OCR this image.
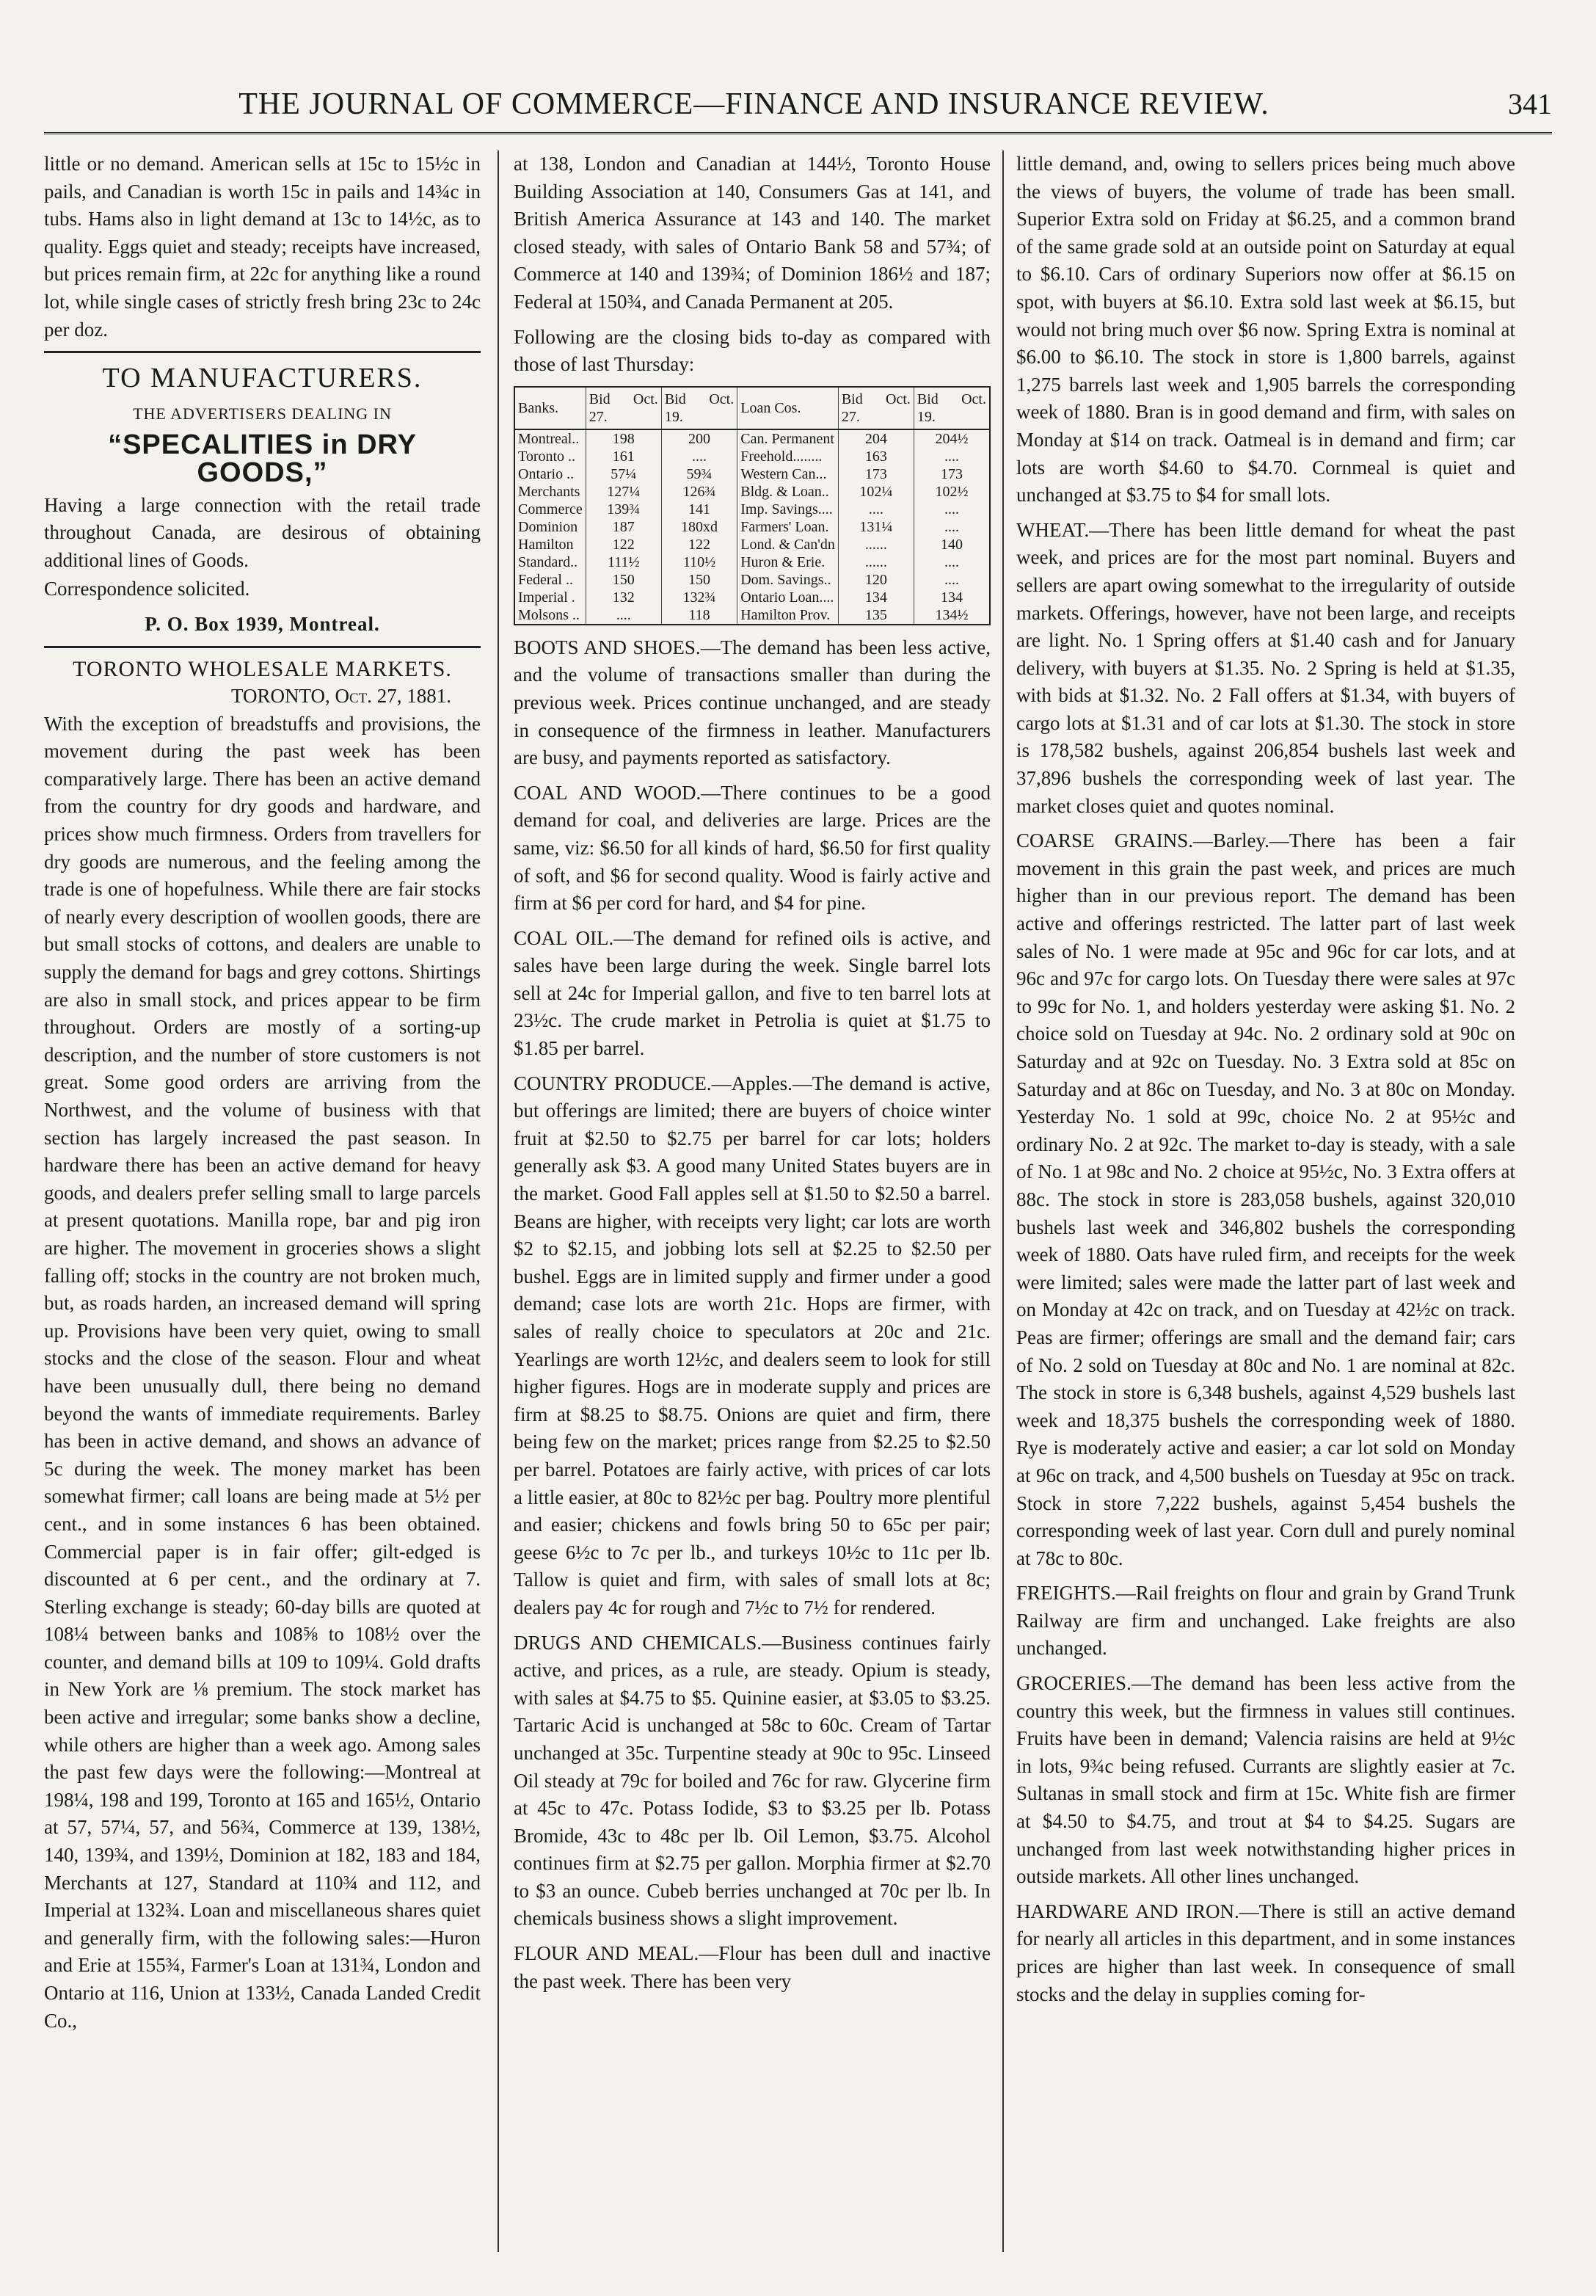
THE JOURNAL OF COMMERCE—FINANCE AND INSURANCE REVIEW.	341

little or no demand. American sells at 15c to 15½c in pails, and Canadian is worth 15c in pails and 14¾c in tubs. Hams also in light demand at 13c to 14½c, as to quality. Eggs quiet and steady; receipts have increased, but prices remain firm, at 22c for anything like a round lot, while single cases of strictly fresh bring 23c to 24c per doz.

TO MANUFACTURERS.
THE ADVERTISERS DEALING IN
“SPECALITIES in DRY GOODS,”

Having a large connection with the retail trade throughout Canada, are desirous of obtaining additional lines of Goods.

Correspondence solicited.

P. O. Box 1939, Montreal.
TORONTO WHOLESALE MARKETS.
TORONTO, Oct. 27, 1881.

With the exception of breadstuffs and provisions, the movement during the past week has been comparatively large. There has been an active demand from the country for dry goods and hardware, and prices show much firmness. Orders from travellers for dry goods are numerous, and the feeling among the trade is one of hopefulness. While there are fair stocks of nearly every description of woollen goods, there are but small stocks of cottons, and dealers are unable to supply the demand for bags and grey cottons. Shirtings are also in small stock, and prices appear to be firm throughout. Orders are mostly of a sorting-up description, and the number of store customers is not great. Some good orders are arriving from the Northwest, and the volume of business with that section has largely increased the past season. In hardware there has been an active demand for heavy goods, and dealers prefer selling small to large parcels at present quotations. Manilla rope, bar and pig iron are higher. The movement in groceries shows a slight falling off; stocks in the country are not broken much, but, as roads harden, an increased demand will spring up. Provisions have been very quiet, owing to small stocks and the close of the season. Flour and wheat have been unusually dull, there being no demand beyond the wants of immediate requirements. Barley has been in active demand, and shows an advance of 5c during the week. The money market has been somewhat firmer; call loans are being made at 5½ per cent., and in some instances 6 has been obtained. Commercial paper is in fair offer; gilt-edged is discounted at 6 per cent., and the ordinary at 7. Sterling exchange is steady; 60-day bills are quoted at 108¼ between banks and 108⅝ to 108½ over the counter, and demand bills at 109 to 109¼. Gold drafts in New York are ⅛ premium. The stock market has been active and irregular; some banks show a decline, while others are higher than a week ago. Among sales the past few days were the following:—Montreal at 198¼, 198 and 199, Toronto at 165 and 165½, Ontario at 57, 57¼, 57, and 56¾, Commerce at 139, 138½, 140, 139¾, and 139½, Dominion at 182, 183 and 184, Merchants at 127, Standard at 110¾ and 112, and Imperial at 132¾. Loan and miscellaneous shares quiet and generally firm, with the following sales:—Huron and Erie at 155¾, Farmer's Loan at 131¾, London and Ontario at 116, Union at 133½, Canada Landed Credit Co.,

at 138, London and Canadian at 144½, Toronto House Building Association at 140, Consumers Gas at 141, and British America Assurance at 143 and 140. The market closed steady, with sales of Ontario Bank 58 and 57¾; of Commerce at 140 and 139¾; of Dominion 186½ and 187; Federal at 150¾, and Canada Permanent at 205.

Following are the closing bids to-day as compared with those of last Thursday:

Banks.	Bid Oct. 27.	Bid Oct. 19.	Loan Cos.	Bid Oct. 27.	Bid Oct. 19.
Montreal..	198	200	Can. Permanent	204	204½
Toronto ..	161	....	Freehold........	163	....
Ontario ..	57¼	59¾	Western Can...	173	173
Merchants	127¼	126¾	Bldg. & Loan..	102¼	102½
Commerce	139¾	141	Imp. Savings....	....	....
Dominion	187	180xd	Farmers' Loan.	131¼	....
Hamilton	122	122	Lond. & Can'dn	......	140
Standard..	111½	110½	Huron & Erie.	......	....
Federal ..	150	150	Dom. Savings..	120	....
Imperial .	132	132¾	Ontario Loan....	134	134
Molsons ..	....	118	Hamilton Prov.	135	134½

BOOTS AND SHOES.—The demand has been less active, and the volume of transactions smaller than during the previous week. Prices continue unchanged, and are steady in consequence of the firmness in leather. Manufacturers are busy, and payments reported as satisfactory.

COAL AND WOOD.—There continues to be a good demand for coal, and deliveries are large. Prices are the same, viz: $6.50 for all kinds of hard, $6.50 for first quality of soft, and $6 for second quality. Wood is fairly active and firm at $6 per cord for hard, and $4 for pine.

COAL OIL.—The demand for refined oils is active, and sales have been large during the week. Single barrel lots sell at 24c for Imperial gallon, and five to ten barrel lots at 23½c. The crude market in Petrolia is quiet at $1.75 to $1.85 per barrel.

COUNTRY PRODUCE.—Apples.—The demand is active, but offerings are limited; there are buyers of choice winter fruit at $2.50 to $2.75 per barrel for car lots; holders generally ask $3. A good many United States buyers are in the market. Good Fall apples sell at $1.50 to $2.50 a barrel. Beans are higher, with receipts very light; car lots are worth $2 to $2.15, and jobbing lots sell at $2.25 to $2.50 per bushel. Eggs are in limited supply and firmer under a good demand; case lots are worth 21c. Hops are firmer, with sales of really choice to speculators at 20c and 21c. Yearlings are worth 12½c, and dealers seem to look for still higher figures. Hogs are in moderate supply and prices are firm at $8.25 to $8.75. Onions are quiet and firm, there being few on the market; prices range from $2.25 to $2.50 per barrel. Potatoes are fairly active, with prices of car lots a little easier, at 80c to 82½c per bag. Poultry more plentiful and easier; chickens and fowls bring 50 to 65c per pair; geese 6½c to 7c per lb., and turkeys 10½c to 11c per lb. Tallow is quiet and firm, with sales of small lots at 8c; dealers pay 4c for rough and 7½c to 7½ for rendered.

DRUGS AND CHEMICALS.—Business continues fairly active, and prices, as a rule, are steady. Opium is steady, with sales at $4.75 to $5. Quinine easier, at $3.05 to $3.25. Tartaric Acid is unchanged at 58c to 60c. Cream of Tartar unchanged at 35c. Turpentine steady at 90c to 95c. Linseed Oil steady at 79c for boiled and 76c for raw. Glycerine firm at 45c to 47c. Potass Iodide, $3 to $3.25 per lb. Potass Bromide, 43c to 48c per lb. Oil Lemon, $3.75. Alcohol continues firm at $2.75 per gallon. Morphia firmer at $2.70 to $3 an ounce. Cubeb berries unchanged at 70c per lb. In chemicals business shows a slight improvement.

FLOUR AND MEAL.—Flour has been dull and inactive the past week. There has been very

little demand, and, owing to sellers prices being much above the views of buyers, the volume of trade has been small. Superior Extra sold on Friday at $6.25, and a common brand of the same grade sold at an outside point on Saturday at equal to $6.10. Cars of ordinary Superiors now offer at $6.15 on spot, with buyers at $6.10. Extra sold last week at $6.15, but would not bring much over $6 now. Spring Extra is nominal at $6.00 to $6.10. The stock in store is 1,800 barrels, against 1,275 barrels last week and 1,905 barrels the corresponding week of 1880. Bran is in good demand and firm, with sales on Monday at $14 on track. Oatmeal is in demand and firm; car lots are worth $4.60 to $4.70. Cornmeal is quiet and unchanged at $3.75 to $4 for small lots.

WHEAT.—There has been little demand for wheat the past week, and prices are for the most part nominal. Buyers and sellers are apart owing somewhat to the irregularity of outside markets. Offerings, however, have not been large, and receipts are light. No. 1 Spring offers at $1.40 cash and for January delivery, with buyers at $1.35. No. 2 Spring is held at $1.35, with bids at $1.32. No. 2 Fall offers at $1.34, with buyers of cargo lots at $1.31 and of car lots at $1.30. The stock in store is 178,582 bushels, against 206,854 bushels last week and 37,896 bushels the corresponding week of last year. The market closes quiet and quotes nominal.

COARSE GRAINS.—Barley.—There has been a fair movement in this grain the past week, and prices are much higher than in our previous report. The demand has been active and offerings restricted. The latter part of last week sales of No. 1 were made at 95c and 96c for car lots, and at 96c and 97c for cargo lots. On Tuesday there were sales at 97c to 99c for No. 1, and holders yesterday were asking $1. No. 2 choice sold on Tuesday at 94c. No. 2 ordinary sold at 90c on Saturday and at 92c on Tuesday. No. 3 Extra sold at 85c on Saturday and at 86c on Tuesday, and No. 3 at 80c on Monday. Yesterday No. 1 sold at 99c, choice No. 2 at 95½c and ordinary No. 2 at 92c. The market to-day is steady, with a sale of No. 1 at 98c and No. 2 choice at 95½c, No. 3 Extra offers at 88c. The stock in store is 283,058 bushels, against 320,010 bushels last week and 346,802 bushels the corresponding week of 1880. Oats have ruled firm, and receipts for the week were limited; sales were made the latter part of last week and on Monday at 42c on track, and on Tuesday at 42½c on track. Peas are firmer; offerings are small and the demand fair; cars of No. 2 sold on Tuesday at 80c and No. 1 are nominal at 82c. The stock in store is 6,348 bushels, against 4,529 bushels last week and 18,375 bushels the corresponding week of 1880. Rye is moderately active and easier; a car lot sold on Monday at 96c on track, and 4,500 bushels on Tuesday at 95c on track. Stock in store 7,222 bushels, against 5,454 bushels the corresponding week of last year. Corn dull and purely nominal at 78c to 80c.

FREIGHTS.—Rail freights on flour and grain by Grand Trunk Railway are firm and unchanged. Lake freights are also unchanged.

GROCERIES.—The demand has been less active from the country this week, but the firmness in values still continues. Fruits have been in demand; Valencia raisins are held at 9½c in lots, 9¾c being refused. Currants are slightly easier at 7c. Sultanas in small stock and firm at 15c. White fish are firmer at $4.50 to $4.75, and trout at $4 to $4.25. Sugars are unchanged from last week notwithstanding higher prices in outside markets. All other lines unchanged.

HARDWARE AND IRON.—There is still an active demand for nearly all articles in this department, and in some instances prices are higher than last week. In consequence of small stocks and the delay in supplies coming for-
